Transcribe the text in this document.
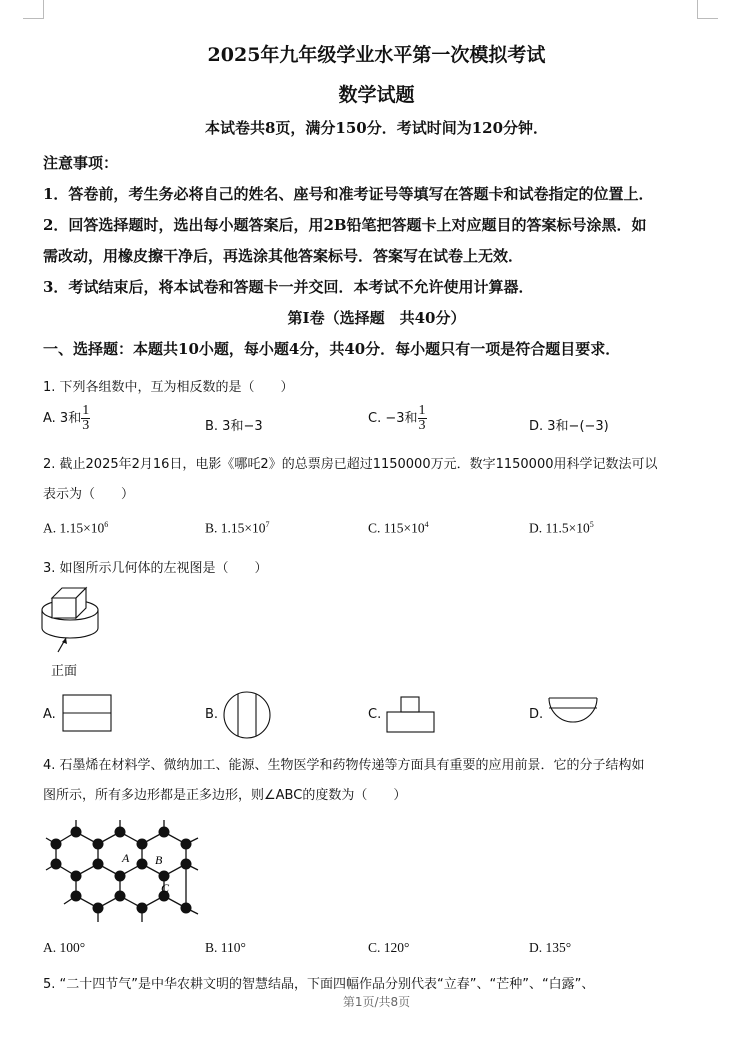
2025年九年级学业水平第一次模拟考试
数学试题
本试卷共8页，满分150分．考试时间为120分钟．
注意事项：
1．答卷前，考生务必将自己的姓名、座号和准考证号等填写在答题卡和试卷指定的位置上．
2．回答选择题时，选出每小题答案后，用2B铅笔把答题卡上对应题目的答案标号涂黑．如
需改动，用橡皮擦干净后，再选涂其他答案标号．答案写在试卷上无效．
3．考试结束后，将本试卷和答题卡一并交回．本考试不允许使用计算器．
第Ⅰ卷（选择题　共40分）
一、选择题：本题共10小题，每小题4分，共40分．每小题只有一项是符合题目要求．
1. 下列各组数中，互为相反数的是（　　）
A. 3和 $\frac{1}{3}$	B. 3和−3
C. −3和 $\frac{1}{3}$	D. 3和−(−3)
2. 截止2025年2月16日，电影《哪吒2》的总票房已超过1150000万元．数字1150000用科学记数法可以
表示为（　　）
A. $1.15\times 10^6$	B. $1.15\times 10^7$	C. $115\times 10^4$	D. $11.5\times 10^5$
3. 如图所示几何体的左视图是（　　）
正面
A.	B.	C.	D.
4. 石墨烯在材料学、微纳加工、能源、生物医学和药物传递等方面具有重要的应用前景．它的分子结构如
图所示，所有多边形都是正多边形，则∠ABC的度数为（　　）
A B
C
A. 100°	B. 110°	C. 120°	D. 135°
5. “二十四节气”是中华农耕文明的智慧结晶，下面四幅作品分别代表“立春”、“芒种”、“白露”、
第1页/共8页
